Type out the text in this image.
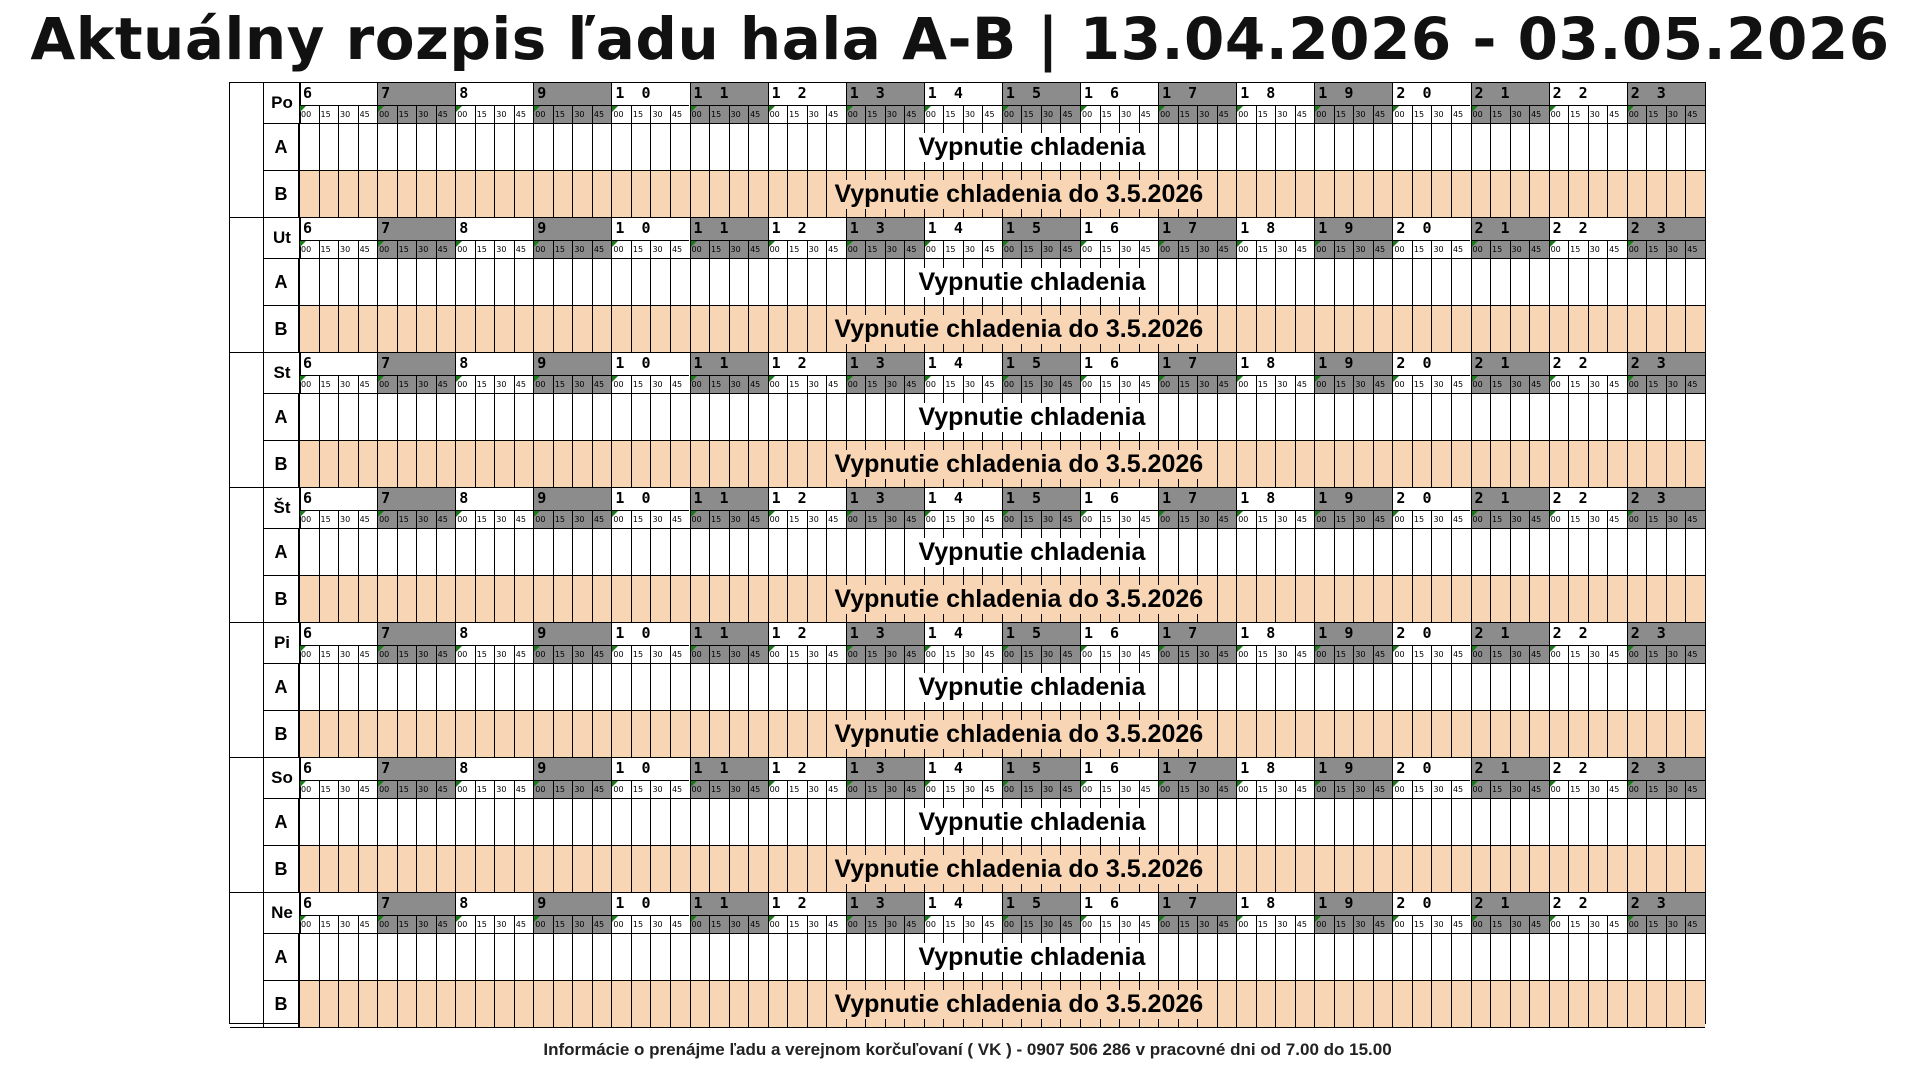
Aktuálny rozpis ľadu hala A-B | 13.04.2026 - 03.05.2026
Po 6	7	8	9	1 0	1 1	1 2	1 3	1 4	1 5	1 6	1 7	1 8	1 9	2 0	2 1	2 2	2 3
00	15	30	45	00	15	30	45	00	15	30	45	00	15	30	45	00	15	30	45	00	15	30	45	00	15	30	45	00	15	30	45	00	15	30	45	00	15	30	45	00	15	30	45	00	15	30	45	00	15	30	45	00	15	30	45	00	15	30	45	00	15	30	45	00	15	30	45	00	15	30	45
A	Vypnutie chladenia
B	Vypnutie chladenia do 3.5.2026
Ut 6	7	8	9	1 0	1 1	1 2	1 3	1 4	1 5	1 6	1 7	1 8	1 9	2 0	2 1	2 2	2 3
00	15	30	45	00	15	30	45	00	15	30	45	00	15	30	45	00	15	30	45	00	15	30	45	00	15	30	45	00	15	30	45	00	15	30	45	00	15	30	45	00	15	30	45	00	15	30	45	00	15	30	45	00	15	30	45	00	15	30	45	00	15	30	45	00	15	30	45	00	15	30	45
A	Vypnutie chladenia
B	Vypnutie chladenia do 3.5.2026
St 6	7	8	9	1 0	1 1	1 2	1 3	1 4	1 5	1 6	1 7	1 8	1 9	2 0	2 1	2 2	2 3
00	15	30	45	00	15	30	45	00	15	30	45	00	15	30	45	00	15	30	45	00	15	30	45	00	15	30	45	00	15	30	45	00	15	30	45	00	15	30	45	00	15	30	45	00	15	30	45	00	15	30	45	00	15	30	45	00	15	30	45	00	15	30	45	00	15	30	45	00	15	30	45
A	Vypnutie chladenia
B	Vypnutie chladenia do 3.5.2026
Št 6	7	8	9	1 0	1 1	1 2	1 3	1 4	1 5	1 6	1 7	1 8	1 9	2 0	2 1	2 2	2 3
00	15	30	45	00	15	30	45	00	15	30	45	00	15	30	45	00	15	30	45	00	15	30	45	00	15	30	45	00	15	30	45	00	15	30	45	00	15	30	45	00	15	30	45	00	15	30	45	00	15	30	45	00	15	30	45	00	15	30	45	00	15	30	45	00	15	30	45	00	15	30	45
A	Vypnutie chladenia
B	Vypnutie chladenia do 3.5.2026
Pi 6	7	8	9	1 0	1 1	1 2	1 3	1 4	1 5	1 6	1 7	1 8	1 9	2 0	2 1	2 2	2 3
00	15	30	45	00	15	30	45	00	15	30	45	00	15	30	45	00	15	30	45	00	15	30	45	00	15	30	45	00	15	30	45	00	15	30	45	00	15	30	45	00	15	30	45	00	15	30	45	00	15	30	45	00	15	30	45	00	15	30	45	00	15	30	45	00	15	30	45	00	15	30	45
A	Vypnutie chladenia
B	Vypnutie chladenia do 3.5.2026
So 6	7	8	9	1 0	1 1	1 2	1 3	1 4	1 5	1 6	1 7	1 8	1 9	2 0	2 1	2 2	2 3
00	15	30	45	00	15	30	45	00	15	30	45	00	15	30	45	00	15	30	45	00	15	30	45	00	15	30	45	00	15	30	45	00	15	30	45	00	15	30	45	00	15	30	45	00	15	30	45	00	15	30	45	00	15	30	45	00	15	30	45	00	15	30	45	00	15	30	45	00	15	30	45
A	Vypnutie chladenia
B	Vypnutie chladenia do 3.5.2026
Ne 6	7	8	9	1 0	1 1	1 2	1 3	1 4	1 5	1 6	1 7	1 8	1 9	2 0	2 1	2 2	2 3
00	15	30	45	00	15	30	45	00	15	30	45	00	15	30	45	00	15	30	45	00	15	30	45	00	15	30	45	00	15	30	45	00	15	30	45	00	15	30	45	00	15	30	45	00	15	30	45	00	15	30	45	00	15	30	45	00	15	30	45	00	15	30	45	00	15	30	45	00	15	30	45
A	Vypnutie chladenia
B	Vypnutie chladenia do 3.5.2026
Informácie o prenájme ľadu a verejnom korčuľovaní ( VK ) - 0907 506 286 v pracovné dni od 7.00 do 15.00
